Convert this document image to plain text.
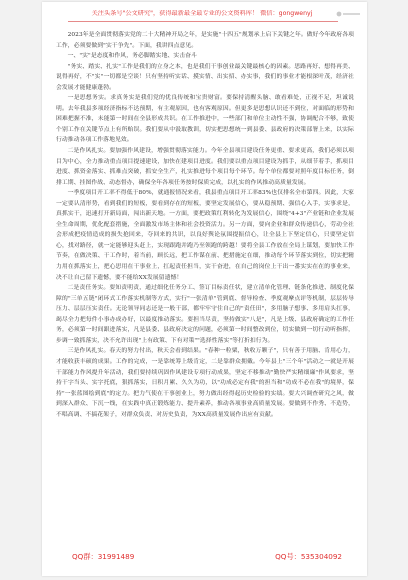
关注头条号"公文研究"，获得最新最全最专业的公文资料库！ 微信：gongwenyj

2023年是全面贯彻落实党的二十大精神开局之年，是实施"十四五"规划承上启下关键之年。做好今年政府各项工作，必须要做到"实干争先"。下面，我讲四点意见。

一、"实"是态度和作风，务必脚踏实地、实击奋斗

"务实、踏实、扎实"工作是我们的立身之本，也是我们干事创业最关键最核心的因素。思路再好、想得再美、说得再好，不"实"一切都是空谈！只有坚持听实话、摸实情、出实招、办实事，我们的事业才能根深叶茂，经济社会发展才能健康蓬勃。

一是思想务实。求真务实是我们党的优良传统和宝贵财富。要保持清醒头脑、敢看难处，正视不足，坦诚说明。去年我县多项经济指标不达预期，有主观原因，也有客观原因。但更多是思想认识还不到位，对面临的形势和困难把握不准，未能第一时间在全县形成共识。在工作推进中，一些部门和单位主动性不强，协调配合不够，致使个别工作在关键节点上有所贻误。我们要从中汲取教训，切实把思想统一到县委、县政府的决策部署上来，以实际行动推动各项工作落地见效。

二是作风扎实。要加强作风建设，增强贯彻落实能力。今年全县项目建设任务更重、要求更高，我们必须以项目为中心，全力推动重点项目提速建设，加快在建项目进度。我们要以重点项目建设为抓手，从细节着手，抓项目进度、抓资金落实、抓难点突破，抓安全生产，扎实推进每个项目每个环节。每个单位都要对照年度目标任务，倒排工期、挂图作战、动态督办，确保全年各项任务按时保质完成，以扎实的作风推动高质量发展。

一季度项目开工率不得低于80%，就通报情况来看，我县重点项目开工率83%也仅排名全市第四。因此，大家一定要认清形势，看到我们的短板，要看到存在的短板，要坚定发展信心，要从稳预期、强信心入手，实事求是，真抓实干，迅速打开新局面，闯出新天地。一方面，要把政策红利转化为发展信心，围绕"4+3"产业链和企业发展全生命周期，优化配套措施，全面激发市场主体和社会投资活力。另一方面，要向企业和群众传递信心，劳动全社会形成把疫情造成的损失抢回来，夺回来的共识，以良好舆论氛围提振信心，让全县上下坚定信心，只要坚定信心，找对路径，就一定能够迎头赶上，实现跟跑并跑乃至领跑的跨越！要将全县工作放在全局上谋划，要加快工作节奏，在做决策、干工作时，着当前，顾长远，把工作谋在前、把措施定在细，推动每个环节落实到位，切实把精力用在抓落实上，把心思用在干事业上，扛起责任担当，实干奋进，在自己的岗位上干出一番实实在在的事业来，决不让自己留下遗憾，要不能给XX发展留遗憾！

二是责任务实。要知责明责，通过细化任务分工、签订目标责任状，建立清单化管理、链条化推进、制度化保障的"三单五链"闭环式工作落实机制等方式，实行"一张清单"管到底、督导检查、季度观摩点评等机制，层层传导压力、层层压实责任。无论领导同志还是一般干部，都牢牢守住自己的"责任田"，多用脑子想事、多用肩头扛事，竭尽全力把每件小事办成办好，以最度推动落实。要担当尽责，坚持做实"八是"，凡是上级、县政府确定的工作任务，必须第一时间跟进落实，凡是县委、县政府决定的问题，必须第一时间整改到位，切实做到一切行动听指挥，步调一致抓落实，决不允许出现"上有政策、下有对策""选择性落实"等打折扣行为。

三是作风扎实。春天的努力付出，秋天会看到结果。"春种一粒粟，秋收万颗子"，只有善于用脑、肯用心力，才能收获丰硕的成果。工作的完成，一是靠统筹上级肯定，二是靠群众拥戴。今年县上"三个年"活动之一就是开展干部能力作风提升年活动，我们要持续巩固作风建设专项行动成果，坚定不移推动"勤快严实精细廉"作风要求，坚持干字当头、实字托底，狠抓落实，日积月累、久久为功，以"功成必定有我"的担当和"功成不必在我"的境界，保持"一张蓝图绘到底"的定力。把力气使在干事创业上，努力做出经得起历史检验的实绩。要大兴调查研究之风，做到深入群众、下沉一线，在实践中真正锻炼能力、提升素养，推动各项事业高质量发展。要做到不作秀、不造势，不唱高调、不搞花架子，对群众负责、对历史负责，为XX高质量发展作出应有贡献。

QQ群：31991489	QQ号：535304092
